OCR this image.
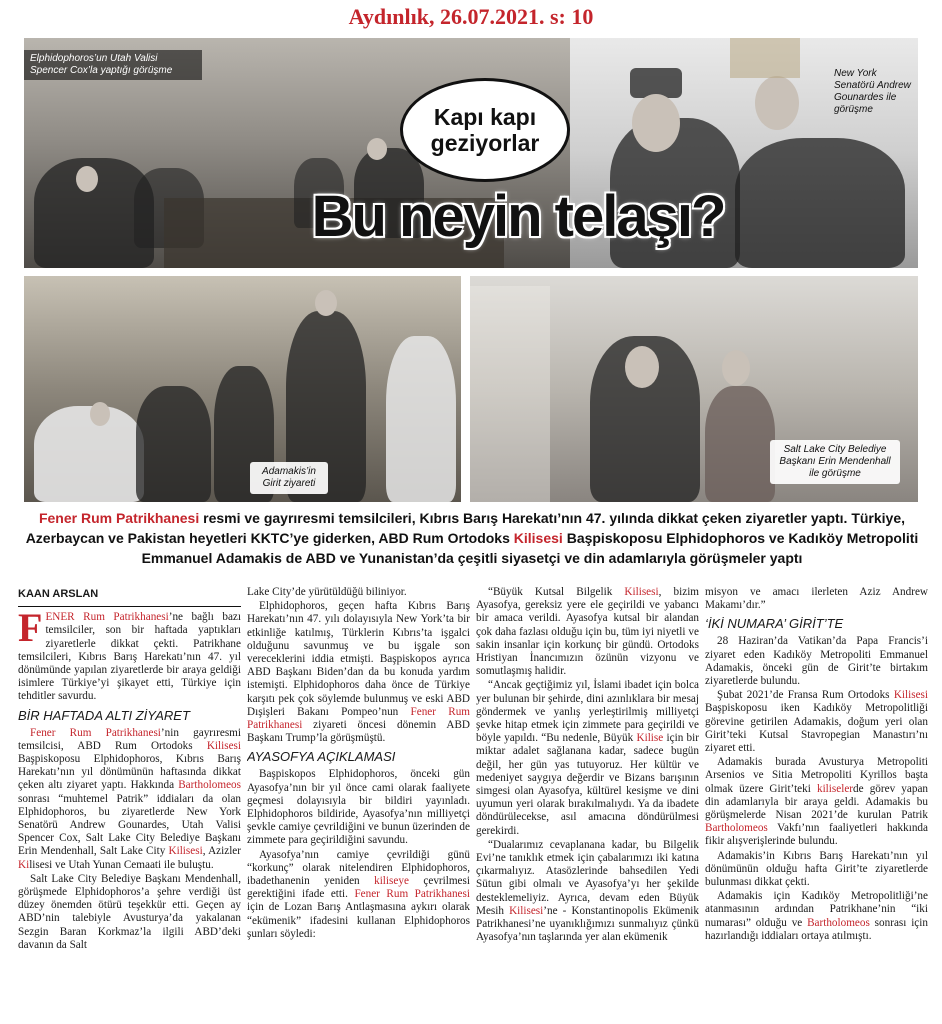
Aydınlık, 26.07.2021. s: 10
Elphidophoros’un Utah Valisi Spencer Cox’la yaptığı görüşme	New York Senatörü Andrew Gounardes ile görüşme
Kapı kapı
geziyorlar
Bu neyin telaşı?
Adamakis’in Girit ziyareti
Salt Lake City Belediye Başkanı Erin Mendenhall ile görüşme
Fener Rum Patrikhanesi resmi ve gayrıresmi temsilcileri, Kıbrıs Barış Harekatı’nın 47. yılında dikkat çeken ziyaretler yaptı. Türkiye, Azerbaycan ve Pakistan heyetleri KKTC’ye giderken, ABD Rum Ortodoks Kilisesi Başpiskoposu Elphidophoros ve Kadıköy Metropoliti Emmanuel Adamakis de ABD ve Yunanistan’da çeşitli siyasetçi ve din adamlarıyla görüşmeler yaptı
KAAN ARSLAN

FENER Rum Patrikhanesi’ne bağlı bazı temsilciler, son bir haftada yaptıkları ziyaretlerle dikkat çekti. Patrikhane temsilcileri, Kıbrıs Barış Harekatı’nın 47. yıl dönümünde yapılan ziyaretlerde bir araya geldiği isimlere Türkiye’yi şikayet etti, Türkiye için tehditler savurdu.

BİR HAFTADA ALTI ZİYARET

Fener Rum Patrikhanesi’nin gayrıresmi temsilcisi, ABD Rum Ortodoks Kilisesi Başpiskoposu Elphidophoros, Kıbrıs Barış Harekatı’nın yıl dönümünün haftasında dikkat çeken altı ziyaret yaptı. Hakkında Bartholomeos sonrası “muhtemel Patrik” iddiaları da olan Elphidophoros, bu ziyaretlerde New York Senatörü Andrew Gounardes, Utah Valisi Spencer Cox, Salt Lake City Belediye Başkanı Erin Mendenhall, Salt Lake City Kilisesi, Azizler Kilisesi ve Utah Yunan Cemaati ile buluştu.

Salt Lake City Belediye Başkanı Mendenhall, görüşmede Elphidophoros’a şehre verdiği üst düzey önemden ötürü teşekkür etti. Geçen ay ABD’nin talebiyle Avusturya’da yakalanan Sezgin Baran Korkmaz’la ilgili ABD’deki davanın da Salt

Lake City’de yürütüldüğü biliniyor.

Elphidophoros, geçen hafta Kıbrıs Barış Harekatı’nın 47. yılı dolayısıyla New York’ta bir etkinliğe katılmış, Türklerin Kıbrıs’ta işgalci olduğunu savunmuş ve bu işgale son vereceklerini iddia etmişti. Başpiskopos ayrıca ABD Başkanı Biden’dan da bu konuda yardım istemişti. Elphidophoros daha önce de Türkiye karşıtı pek çok söylemde bulunmuş ve eski ABD Dışişleri Bakanı Pompeo’nun Fener Rum Patrikhanesi ziyareti öncesi dönemin ABD Başkanı Trump’la görüşmüştü.

AYASOFYA AÇIKLAMASI

Başpiskopos Elphidophoros, önceki gün Ayasofya’nın bir yıl önce cami olarak faaliyete geçmesi dolayısıyla bir bildiri yayınladı. Elphidophoros bildiride, Ayasofya’nın milliyetçi şevkle camiye çevrildiğini ve bunun üzerinden de zimmete para geçirildiğini savundu.

Ayasofya’nın camiye çevrildiği günü “korkunç” olarak nitelendiren Elphidophoros, ibadethanenin yeniden kiliseye çevrilmesi gerektiğini ifade etti. Fener Rum Patrikhanesi için de Lozan Barış Antlaşmasına aykırı olarak “ekümenik” ifadesini kullanan Elphidophoros şunları söyledi:

“Büyük Kutsal Bilgelik Kilisesi, bizim Ayasofya, gereksiz yere ele geçirildi ve yabancı bir amaca verildi. Ayasofya kutsal bir alandan çok daha fazlası olduğu için bu, tüm iyi niyetli ve sakin insanlar için korkunç bir gündü. Ortodoks Hristiyan İnancımızın özünün vizyonu ve somutlaşmış halidir.

“Ancak geçtiğimiz yıl, İslami ibadet için bolca yer bulunan bir şehirde, dini azınlıklara bir mesaj göndermek ve yanlış yerleştirilmiş milliyetçi şevke hitap etmek için zimmete para geçirildi ve böyle yapıldı. “Bu nedenle, Büyük Kilise için bir miktar adalet sağlanana kadar, sadece bugün değil, her gün yas tutuyoruz. Her kültür ve medeniyet saygıya değerdir ve Bizans barışının simgesi olan Ayasofya, kültürel kesişme ve dini uyumun yeri olarak bırakılmalıydı. Ya da ibadete döndürülecekse, asıl amacına döndürülmesi gerekirdi.

“Dualarımız cevaplanana kadar, bu Bilgelik Evi’ne tanıklık etmek için çabalarımızı iki katına çıkarmalıyız. Atasözlerinde bahsedilen Yedi Sütun gibi olmalı ve Ayasofya’yı her şekilde desteklemeliyiz. Ayrıca, devam eden Büyük Mesih Kilisesi’ne - Konstantinopolis Ekümenik Patrikhanesi’ne uyanıklığımızı sunmalıyız çünkü Ayasofya’nın taşlarında yer alan ekümenik

misyon ve amacı ilerleten Aziz Andrew Makamı’dır.”

‘İKİ NUMARA’ GİRİT’TE

28 Haziran’da Vatikan’da Papa Francis’i ziyaret eden Kadıköy Metropoliti Emmanuel Adamakis, önceki gün de Girit’te birtakım ziyaretlerde bulundu.

Şubat 2021’de Fransa Rum Ortodoks Kilisesi Başpiskoposu iken Kadıköy Metropolitliği görevine getirilen Adamakis, doğum yeri olan Girit’teki Kutsal Stavropegian Manastırı’nı ziyaret etti.

Adamakis burada Avusturya Metropoliti Arsenios ve Sitia Metropoliti Kyrillos başta olmak üzere Girit’teki kiliselerde görev yapan din adamlarıyla bir araya geldi. Adamakis bu görüşmelerde Nisan 2021’de kurulan Patrik Bartholomeos Vakfı’nın faaliyetleri hakkında fikir alışverişlerinde bulundu.

Adamakis’in Kıbrıs Barış Harekatı’nın yıl dönümünün olduğu hafta Girit’te ziyaretlerde bulunması dikkat çekti.

Adamakis için Kadıköy Metropolitliği’ne atanmasının ardından Patrikhane’nin “iki numarası” olduğu ve Bartholomeos sonrası için hazırlandığı iddiaları ortaya atılmıştı.
